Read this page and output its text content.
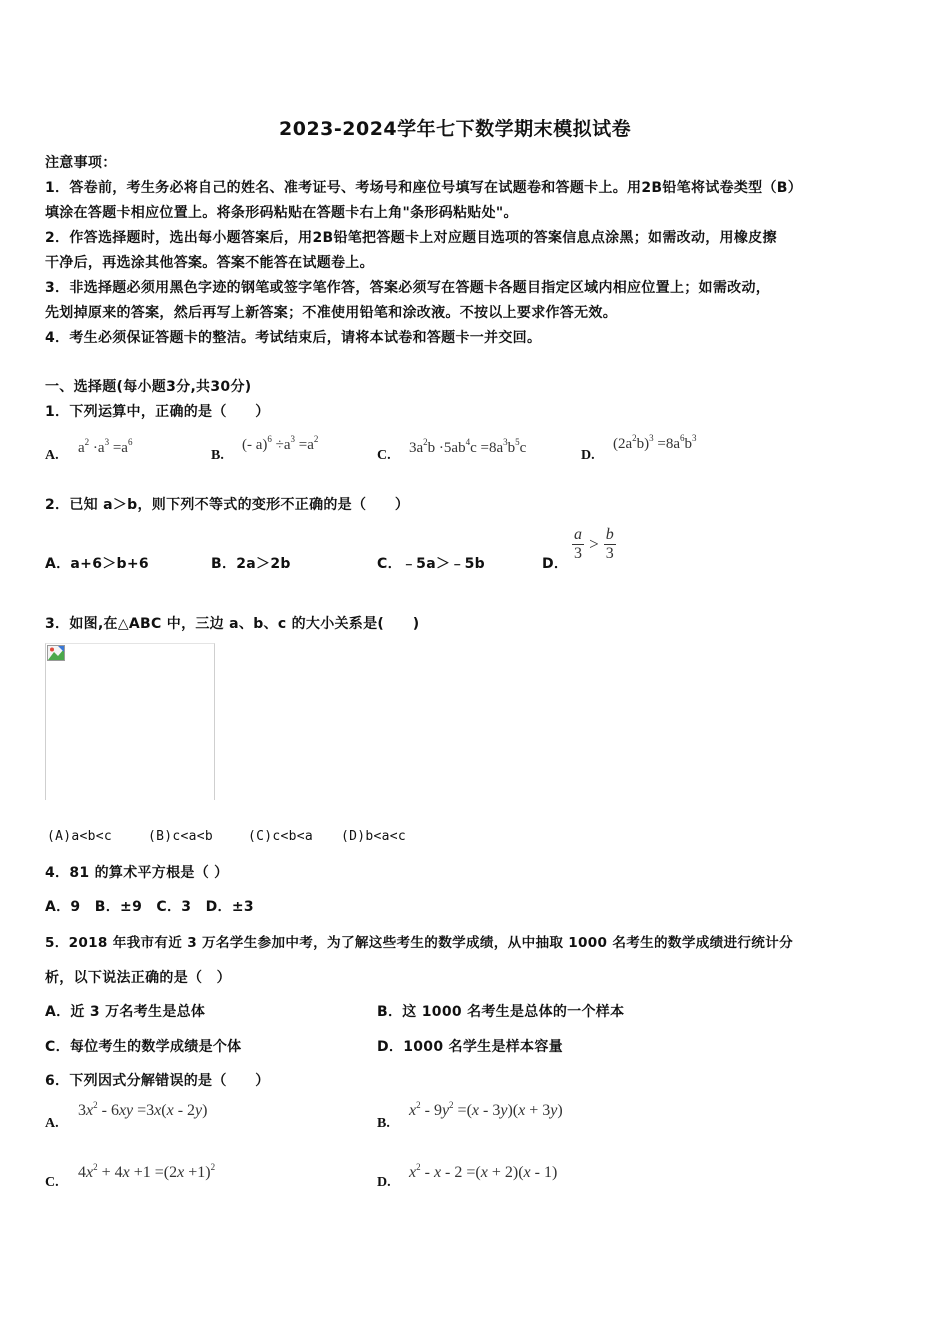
2023-2024学年七下数学期末模拟试卷
注意事项：
1．答卷前，考生务必将自己的姓名、准考证号、考场号和座位号填写在试题卷和答题卡上。用2B铅笔将试卷类型（B）
填涂在答题卡相应位置上。将条形码粘贴在答题卡右上角"条形码粘贴处"。
2．作答选择题时，选出每小题答案后，用2B铅笔把答题卡上对应题目选项的答案信息点涂黑；如需改动，用橡皮擦
干净后，再选涂其他答案。答案不能答在试题卷上。
3．非选择题必须用黑色字迹的钢笔或签字笔作答，答案必须写在答题卡各题目指定区域内相应位置上；如需改动，
先划掉原来的答案，然后再写上新答案；不准使用铅笔和涂改液。不按以上要求作答无效。
4．考生必须保证答题卡的整洁。考试结束后，请将本试卷和答题卡一并交回。
一、选择题(每小题3分,共30分)
1．下列运算中，正确的是（　　）
A. $a^2 \cdot a^3 =a^6$
B.
(- $a)^6 \div a^3 =a^2$
C. $3a^2b \cdot 5ab^4c =8a^3b^5c$	D.
$(2a^2b)^3 =8a^6b^3$
2．已知 a＞b，则下列不等式的变形不正确的是（　　）
A．a+6＞b+6	B．2a＞2b	C．﹣5a＞﹣5b	D．
$\frac{a}{3} > \frac{b}{3}$
3．如图,在△ABC 中，三边 a、b、c 的大小关系是(　　)
(A)a<b<c	(B)c<a<b	(C)c<b<a (D)b<a<c
4．81 的算术平方根是（ ）
A．9　B．±9　C．3　D．±3
5．2018 年我市有近 3 万名学生参加中考，为了解这些考生的数学成绩，从中抽取 1000 名考生的数学成绩进行统计分
析，以下说法正确的是（　）
A．近 3 万名考生是总体	B．这 1000 名考生是总体的一个样本
C．每位考生的数学成绩是个体	D．1000 名学生是样本容量
6．下列因式分解错误的是（　　）
A.
$3x^2 - 6xy =3x(x - 2y)$
B.
$x^2 - 9y^2 =(x - 3y)(x + 3y)$
C.
$4x^2 + 4x +1 =(2x +1)^2$
D.
$x^2 - x - 2 =(x + 2)(x - 1)$
